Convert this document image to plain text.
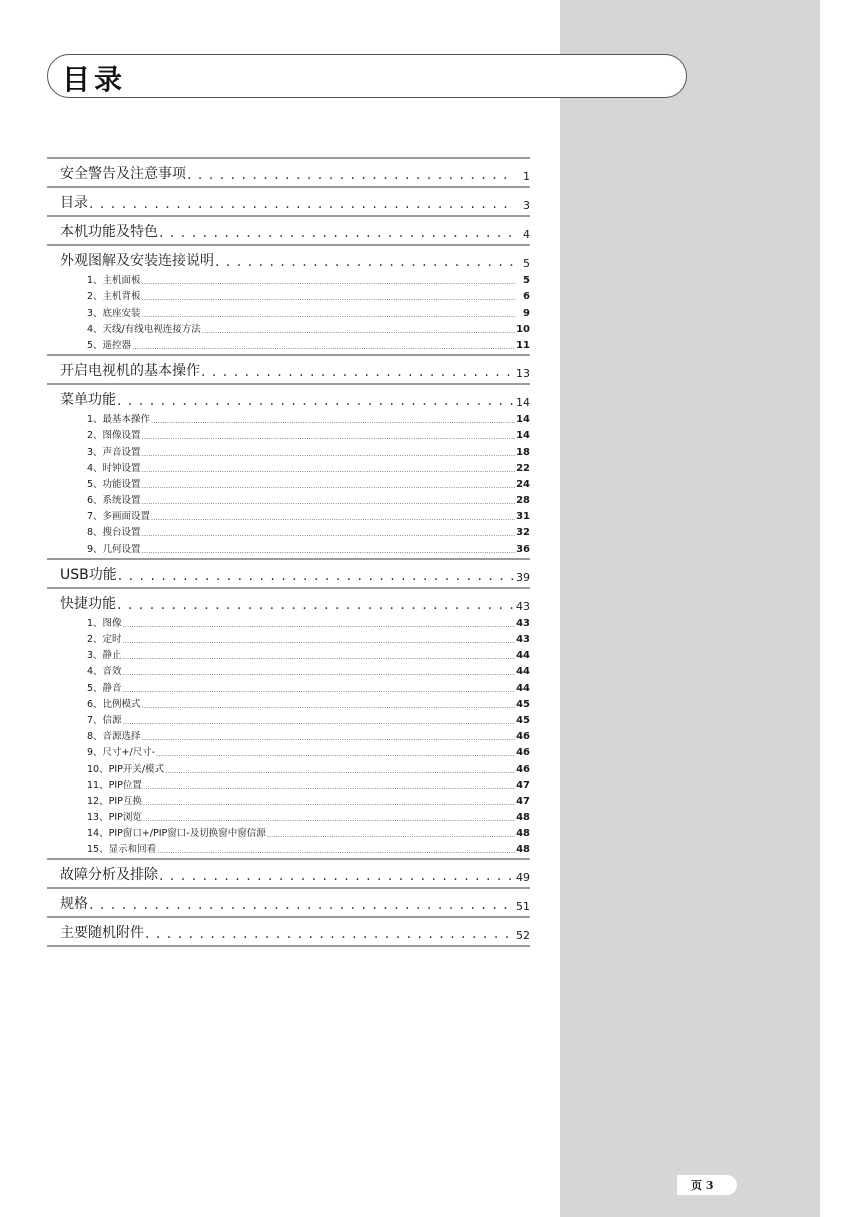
目录
安全警告及注意事项 . . .	1
目录 . . .	3
本机功能及特色 . . .	4
外观图解及安装连接说明 . . .	5
1、主机面板 .....	5
2、主机背板 .....	6
3、底座安装 .....	9
4、天线/有线电视连接方法 .....	10
5、遥控器 .....	11
开启电视机的基本操作 . . .	13
菜单功能 . . .	14
1、最基本操作 .....	14
2、图像设置 .....	14
3、声音设置 .....	18
4、时钟设置 .....	22
5、功能设置 .....	24
6、系统设置 .....	28
7、多画面设置 .....	31
8、搜台设置 .....	32
9、几何设置 .....	36
USB功能 . . .	39
快捷功能 . . .	43
1、图像 .....	43
2、定时 .....	43
3、静止 .....	44
4、音效 .....	44
5、静音 .....	44
6、比例模式 .....	45
7、信源 .....	45
8、音源选择 .....	46
9、尺寸+/尺寸- .....	46
10、PIP开关/模式 .....	46
11、PIP位置 .....	47
12、PIP互换 .....	47
13、PIP浏览 .....	48
14、PIP窗口+/PIP窗口-及切换窗中窗信源 .....	48
15、显示和回看 .....	48
故障分析及排除 . . .	49
规格 . . .	51
主要随机附件 . . .	52
页 3
